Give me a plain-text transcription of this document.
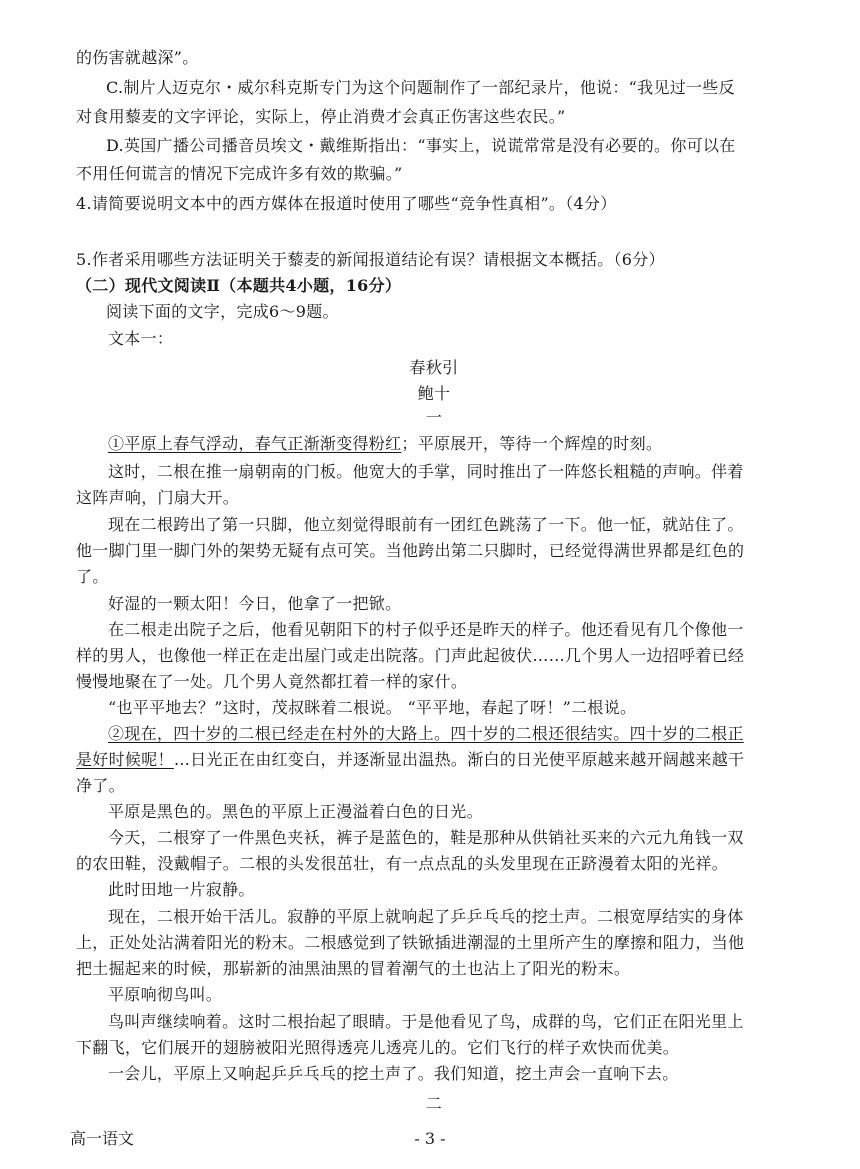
的伤害就越深”。
C.制片人迈克尔・威尔科克斯专门为这个问题制作了一部纪录片，他说：“我见过一些反
对食用藜麦的文字评论，实际上，停止消费才会真正伤害这些农民。”
D.英国广播公司播音员埃文・戴维斯指出：“事实上，说谎常常是没有必要的。你可以在
不用任何谎言的情况下完成许多有效的欺骗。”
4.请简要说明文本中的西方媒体在报道时使用了哪些“竞争性真相”。（4分）
5.作者采用哪些方法证明关于藜麦的新闻报道结论有误？请根据文本概括。（6分）
（二）现代文阅读Ⅱ（本题共4小题，16分）
阅读下面的文字，完成6～9题。
文本一：
春秋引
鲍十
一
①平原上春气浮动，春气正渐渐变得粉红；平原展开，等待一个辉煌的时刻。
这时，二根在推一扇朝南的门板。他宽大的手掌，同时推出了一阵悠长粗糙的声响。伴着
这阵声响，门扇大开。
现在二根跨出了第一只脚，他立刻觉得眼前有一团红色跳荡了一下。他一怔，就站住了。
他一脚门里一脚门外的架势无疑有点可笑。当他跨出第二只脚时，已经觉得满世界都是红色的
了。
好湿的一颗太阳！今日，他拿了一把锨。
在二根走出院子之后，他看见朝阳下的村子似乎还是昨天的样子。他还看见有几个像他一
样的男人，也像他一样正在走出屋门或走出院落。门声此起彼伏……几个男人一边招呼着已经
慢慢地聚在了一处。几个男人竟然都扛着一样的家什。
“也平平地去？”这时，茂叔眯着二根说。 “平平地，春起了呀！”二根说。
②现在，四十岁的二根已经走在村外的大路上。四十岁的二根还很结实。四十岁的二根正
是好时候呢！…日光正在由红变白，并逐渐显出温热。渐白的日光使平原越来越开阔越来越干
净了。
平原是黑色的。黑色的平原上正漫溢着白色的日光。
今天，二根穿了一件黑色夹袄，裤子是蓝色的，鞋是那种从供销社买来的六元九角钱一双
的农田鞋，没戴帽子。二根的头发很茁壮，有一点点乱的头发里现在正跻漫着太阳的光祥。
此时田地一片寂静。
现在，二根开始干活儿。寂静的平原上就响起了乒乒乓乓的挖土声。二根宽厚结实的身体
上，正处处沾满着阳光的粉末。二根感觉到了铁锨插进潮湿的土里所产生的摩擦和阻力，当他
把土掘起来的时候，那崭新的油黑油黑的冒着潮气的土也沾上了阳光的粉末。
平原响彻鸟叫。
鸟叫声继续响着。这时二根抬起了眼睛。于是他看见了鸟，成群的鸟，它们正在阳光里上
下翻飞，它们展开的翅膀被阳光照得透亮儿透亮儿的。它们飞行的样子欢快而优美。
一会儿，平原上又响起乒乒乓乓的挖土声了。我们知道，挖土声会一直响下去。
二
高一语文	- 3 -
